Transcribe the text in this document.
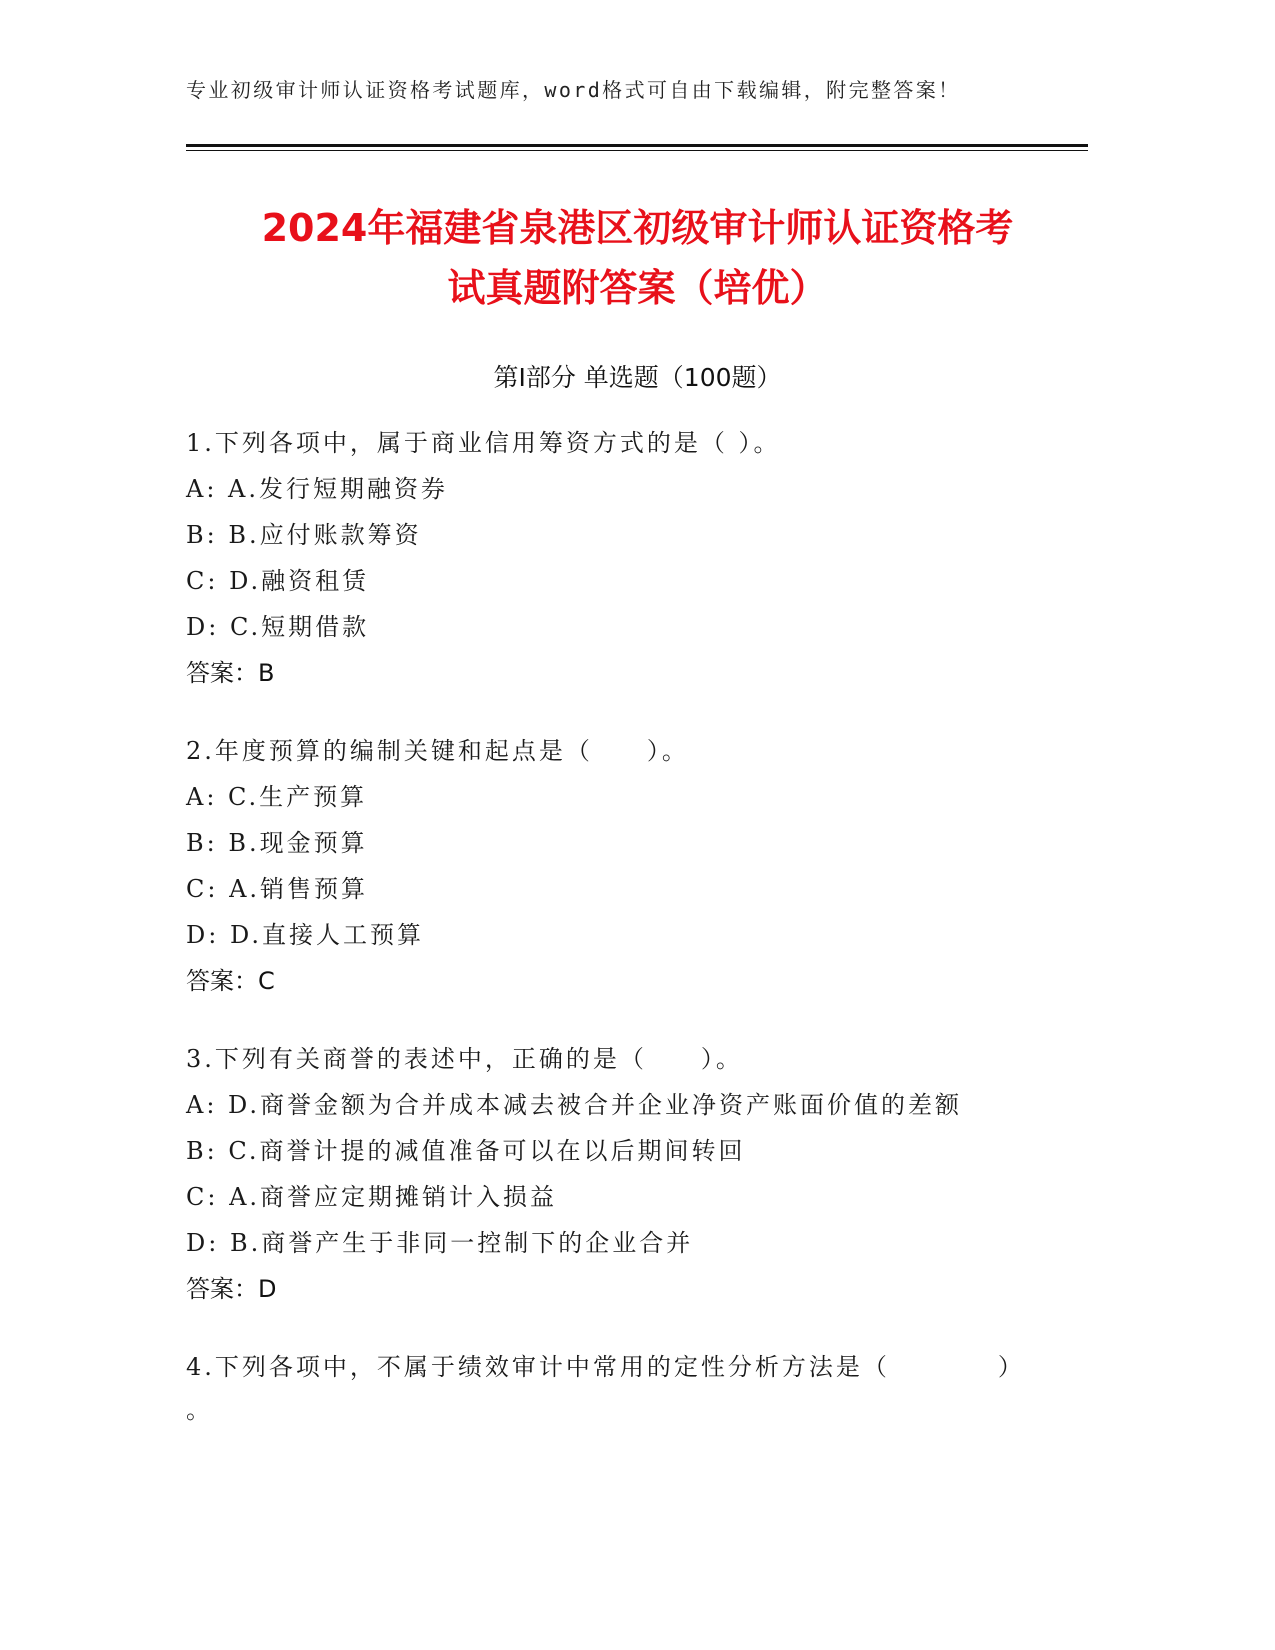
专业初级审计师认证资格考试题库，word格式可自由下载编辑，附完整答案！
2024年福建省泉港区初级审计师认证资格考
试真题附答案（培优）
第Ⅰ部分 单选题（100题）
1.下列各项中，属于商业信用筹资方式的是（ ）。
A: A.发行短期融资券
B: B.应付账款筹资
C: D.融资租赁
D: C.短期借款
答案：B
2.年度预算的编制关键和起点是（　　）。
A: C.生产预算
B: B.现金预算
C: A.销售预算
D: D.直接人工预算
答案：C
3.下列有关商誉的表述中，正确的是（　　）。
A: D.商誉金额为合并成本减去被合并企业净资产账面价值的差额
B: C.商誉计提的减值准备可以在以后期间转回
C: A.商誉应定期摊销计入损益
D: B.商誉产生于非同一控制下的企业合并
答案：D
4.下列各项中，不属于绩效审计中常用的定性分析方法是（　　　　）
。
